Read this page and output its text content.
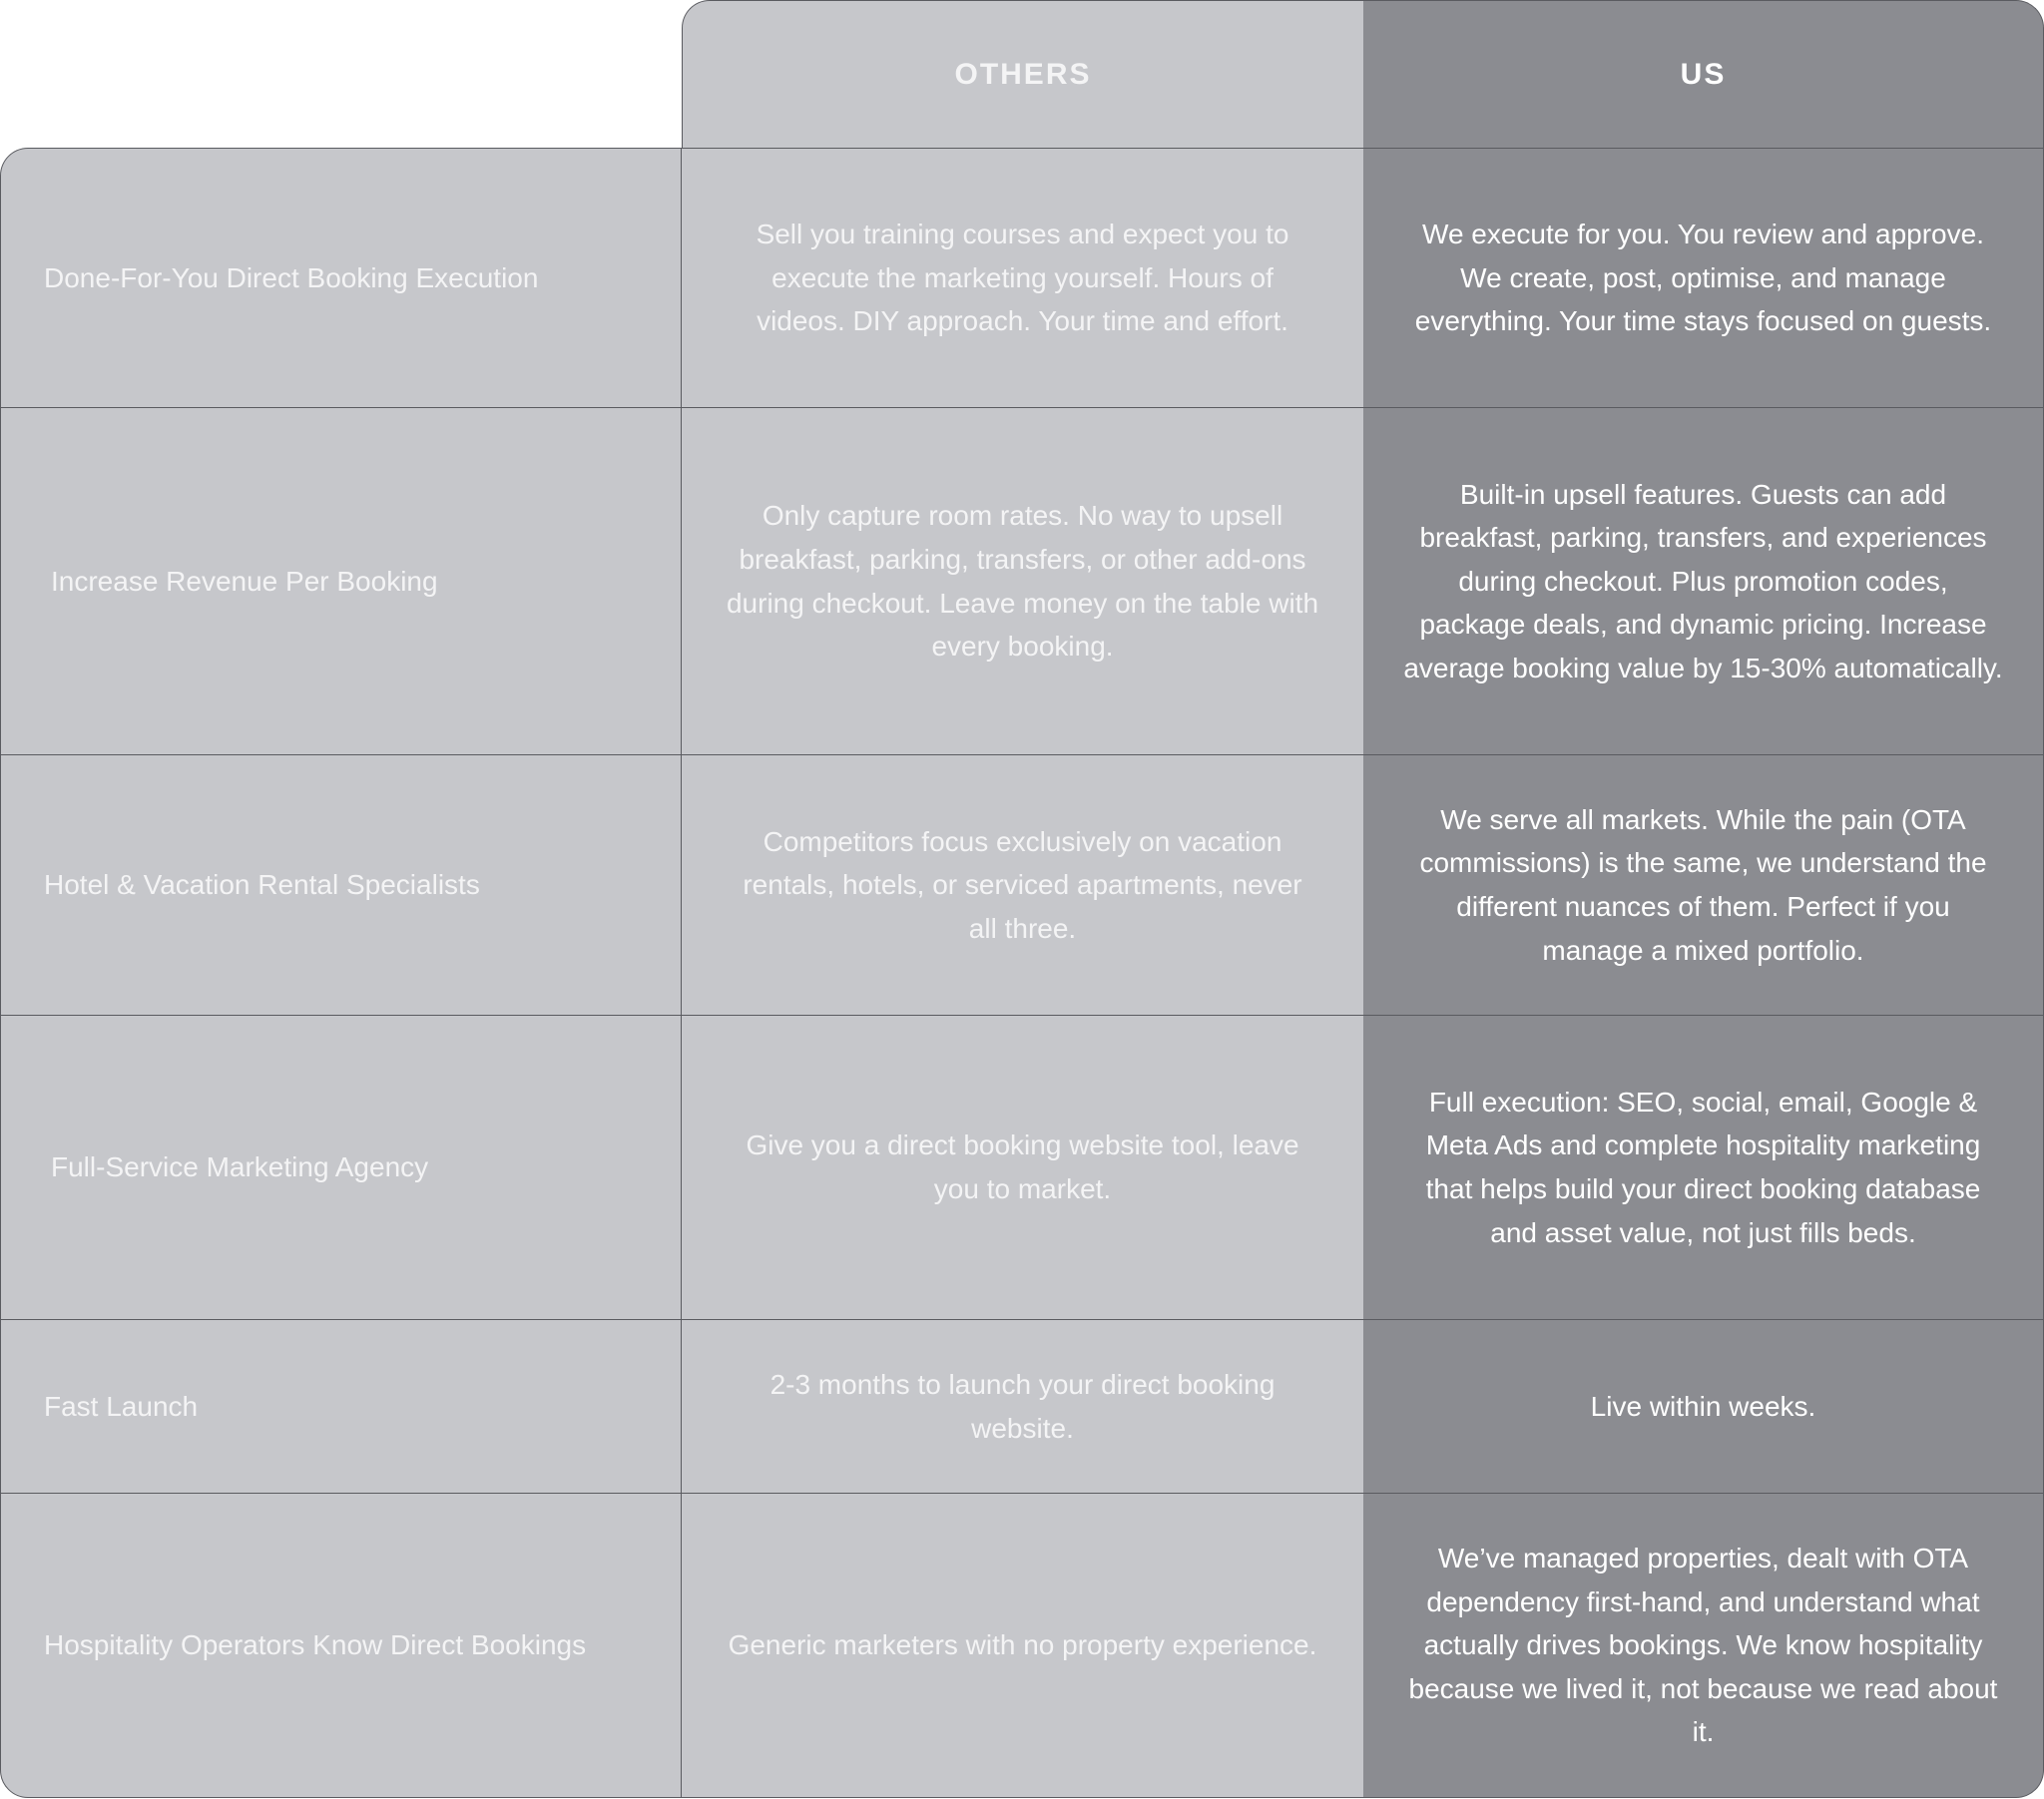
OTHERS	US
Done-For-You Direct Booking Execution
Sell you training courses and expect you to execute the marketing yourself. Hours of videos. DIY approach. Your time and effort.
We execute for you. You review and approve. We create, post, optimise, and manage everything. Your time stays focused on guests.
Increase Revenue Per Booking
Only capture room rates. No way to upsell breakfast, parking, transfers, or other add-ons during checkout. Leave money on the table with every booking.
Built-in upsell features. Guests can add breakfast, parking, transfers, and experiences during checkout. Plus promotion codes, package deals, and dynamic pricing. Increase average booking value by 15-30% automatically.
Hotel & Vacation Rental Specialists
Competitors focus exclusively on vacation rentals, hotels, or serviced apartments, never all three.
We serve all markets. While the pain (OTA commissions) is the same, we understand the different nuances of them. Perfect if you manage a mixed portfolio.
Full-Service Marketing Agency
Give you a direct booking website tool, leave you to market.
Full execution: SEO, social, email, Google & Meta Ads and complete hospitality marketing that helps build your direct booking database and asset value, not just fills beds.
Fast Launch
2-3 months to launch your direct booking website.
Live within weeks.
Hospitality Operators Know Direct Bookings	Generic marketers with no property experience.
We’ve managed properties, dealt with OTA dependency first-hand, and understand what actually drives bookings. We know hospitality because we lived it, not because we read about it.
